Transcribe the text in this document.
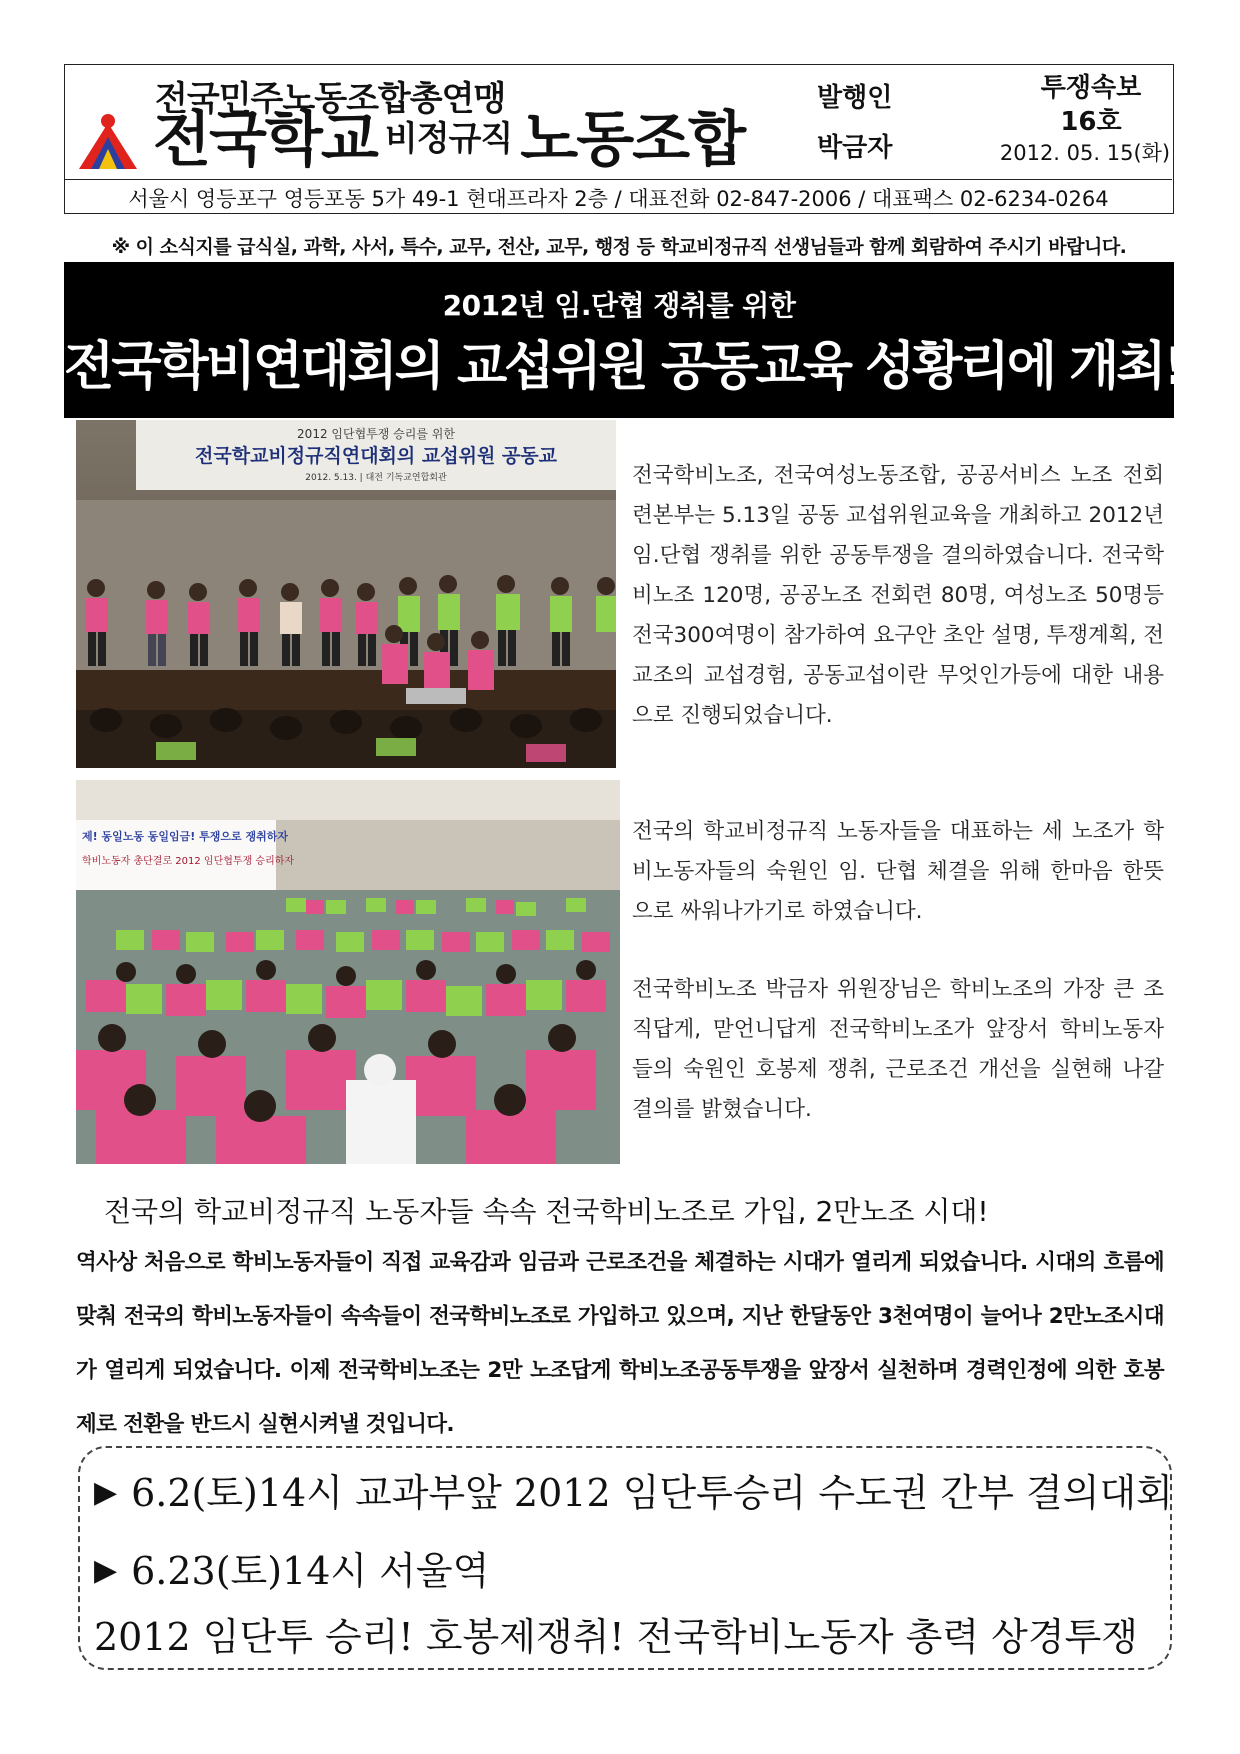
전국민주노동조합총연맹
전국학교 비정규직 노동조합
발행인
박금자
투쟁속보
16호
2012. 05. 15(화)
서울시 영등포구 영등포동 5가 49-1 현대프라자 2층 / 대표전화 02-847-2006 / 대표팩스 02-6234-0264
※ 이 소식지를 급식실, 과학, 사서, 특수, 교무, 전산, 교무, 행정 등 학교비정규직 선생님들과 함께 회람하여 주시기 바랍니다.
2012년 임.단협 쟁취를 위한
전국학비연대회의 교섭위원 공동교육 성황리에 개최!
2012 임단협투쟁 승리를 위한
전국학교비정규직연대회의 교섭위원 공동교
2012. 5.13. | 대전 기독교연합회관
제! 동일노동 동일임금! 투쟁으로 쟁취하자
학비노동자 총단결로 2012 임단협투쟁 승리하자
전국학비노조, 전국여성노동조합, 공공서비스 노조 전회련본부는 5.13일 공동 교섭위원교육을 개최하고 2012년 임.단협 쟁취를 위한 공동투쟁을 결의하였습니다. 전국학비노조 120명, 공공노조 전회련 80명, 여성노조 50명등 전국300여명이 참가하여 요구안 초안 설명, 투쟁계획, 전교조의 교섭경험, 공동교섭이란 무엇인가등에 대한 내용으로 진행되었습니다.
전국의 학교비정규직 노동자들을 대표하는 세 노조가 학비노동자들의 숙원인 임. 단협 체결을 위해 한마음 한뜻으로 싸워나가기로 하였습니다.
전국학비노조 박금자 위원장님은 학비노조의 가장 큰 조직답게, 맏언니답게 전국학비노조가 앞장서 학비노동자들의 숙원인 호봉제 쟁취, 근로조건 개선을 실현해 나갈 결의를 밝혔습니다.
전국의 학교비정규직 노동자들 속속 전국학비노조로 가입, 2만노조 시대!
역사상 처음으로 학비노동자들이 직접 교육감과 임금과 근로조건을 체결하는 시대가 열리게 되었습니다. 시대의 흐름에 맞춰 전국의 학비노동자들이 속속들이 전국학비노조로 가입하고 있으며, 지난 한달동안 3천여명이 늘어나 2만노조시대가 열리게 되었습니다. 이제 전국학비노조는 2만 노조답게 학비노조공동투쟁을 앞장서 실천하며 경력인정에 의한 호봉제로 전환을 반드시 실현시켜낼 것입니다.
▶ 6.2(토)14시 교과부앞 2012 임단투승리 수도권 간부 결의대회
▶ 6.23(토)14시 서울역
2012 임단투 승리! 호봉제쟁취! 전국학비노동자 총력 상경투쟁
